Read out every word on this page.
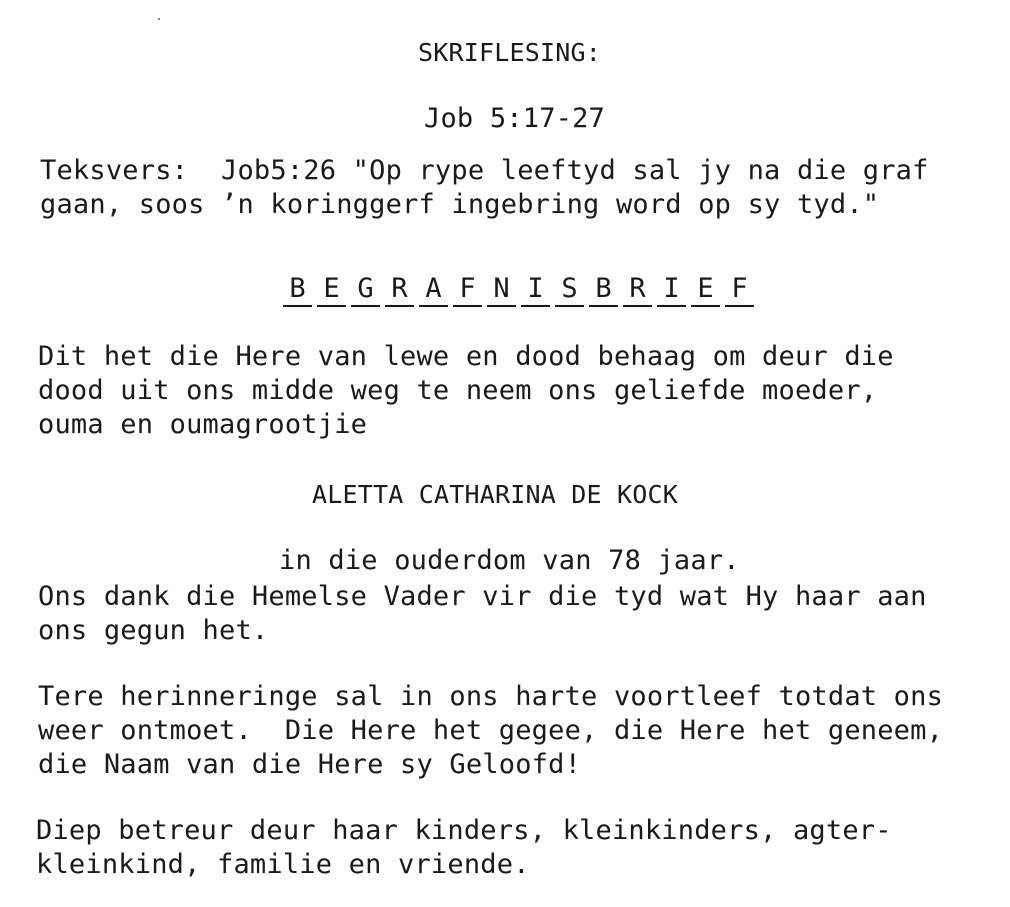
SKRIFLESING:
Job 5:17-27
Teksvers:  Job5:26 "Op rype leeftyd sal jy na die graf
gaan, soos ’n koringgerf ingebring word op sy tyd."
B E G R A F N I S B R I E F
Dit het die Here van lewe en dood behaag om deur die
dood uit ons midde weg te neem ons geliefde moeder,
ouma en oumagrootjie
ALETTA CATHARINA DE KOCK
in die ouderdom van 78 jaar.
Ons dank die Hemelse Vader vir die tyd wat Hy haar aan
ons gegun het.
Tere herinneringe sal in ons harte voortleef totdat ons
weer ontmoet.  Die Here het gegee, die Here het geneem,
die Naam van die Here sy Geloofd!
Diep betreur deur haar kinders, kleinkinders, agter-
kleinkind, familie en vriende.
